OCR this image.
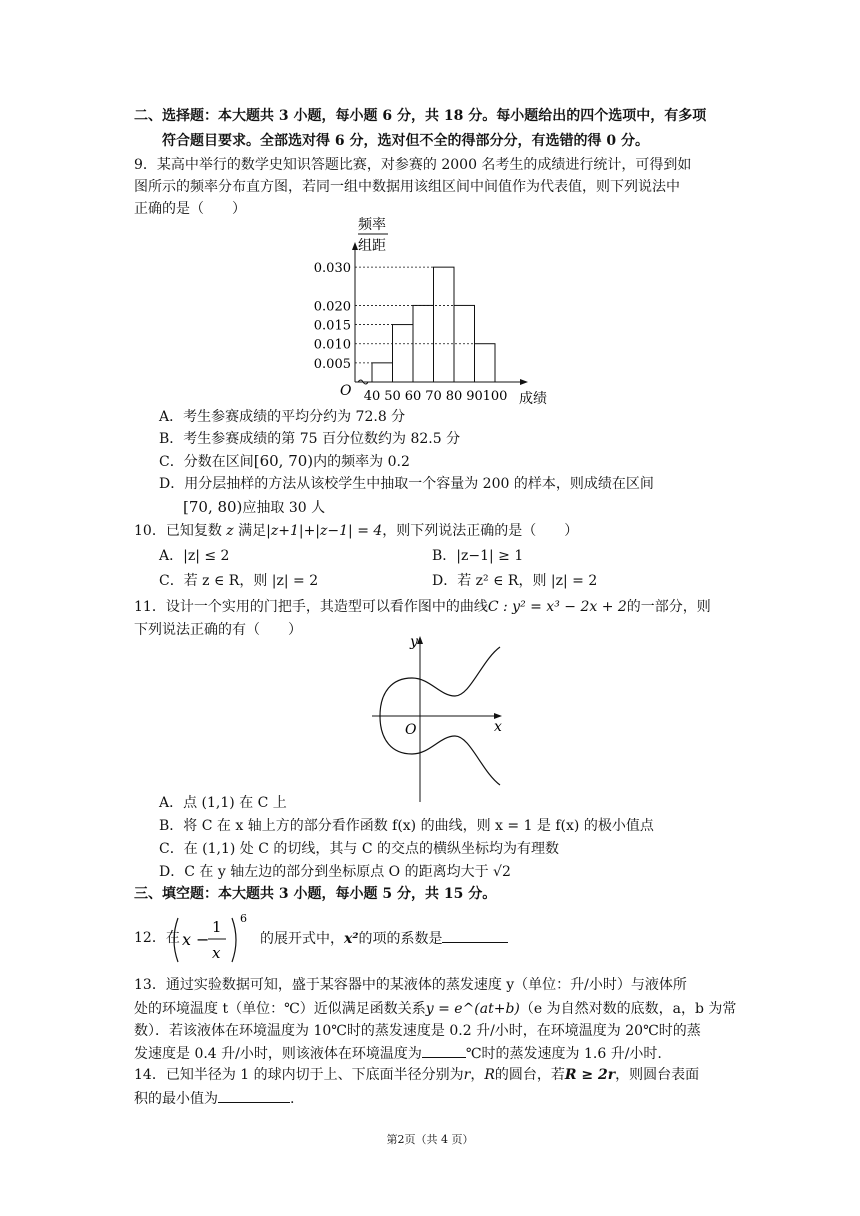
二、选择题：本大题共 3 小题，每小题 6 分，共 18 分。每小题给出的四个选项中，有多项
符合题目要求。全部选对得 6 分，选对但不全的得部分分，有选错的得 0 分。
9．某高中举行的数学史知识答题比赛，对参赛的 2000 名考生的成绩进行统计，可得到如
图所示的频率分布直方图，若同一组中数据用该组区间中间值作为代表值，则下列说法中
正确的是（　　）
频率
组距
0.005
0.010
0.015
0.020
0.030
40 50 60 70 80 90 100
O	成绩
A．考生参赛成绩的平均分约为 72.8 分
B．考生参赛成绩的第 75 百分位数约为 82.5 分
C．分数在区间[60, 70)内的频率为 0.2
D．用分层抽样的方法从该校学生中抽取一个容量为 200 的样本，则成绩在区间
[70, 80)应抽取 30 人
10．已知复数 z 满足|z+1|+|z−1| = 4，则下列说法正确的是（　　）
A．|z| ≤ 2	B．|z−1| ≥ 1
C．若 z ∈ R，则 |z| = 2	D．若 z² ∈ R，则 |z| = 2
11．设计一个实用的门把手，其造型可以看作图中的曲线C : y² = x³ − 2x + 2的一部分，则
下列说法正确的有（　　）
y
x
O
A．点 (1,1) 在 C 上
B．将 C 在 x 轴上方的部分看作函数 f(x) 的曲线，则 x = 1 是 f(x) 的极小值点
C．在 (1,1) 处 C 的切线，其与 C 的交点的横纵坐标均为有理数
D．C 在 y 轴左边的部分到坐标原点 O 的距离均大于 √2
三、填空题：本大题共 3 小题，每小题 5 分，共 15 分。
12．在 x −
1
x
6
的展开式中，x²的项的系数是
13．通过实验数据可知，盛于某容器中的某液体的蒸发速度 y（单位：升/小时）与液体所
处的环境温度 t（单位：℃）近似满足函数关系y = e^(at+b)（e 为自然对数的底数，a，b 为常
数）．若该液体在环境温度为 10℃时的蒸发速度是 0.2 升/小时，在环境温度为 20℃时的蒸
发速度是 0.4 升/小时，则该液体在环境温度为	℃时的蒸发速度为 1.6 升/小时.
14．已知半径为 1 的球内切于上、下底面半径分别为r，R的圆台，若R ≥ 2r，则圆台表面
积的最小值为	.
第2页（共 4 页）
